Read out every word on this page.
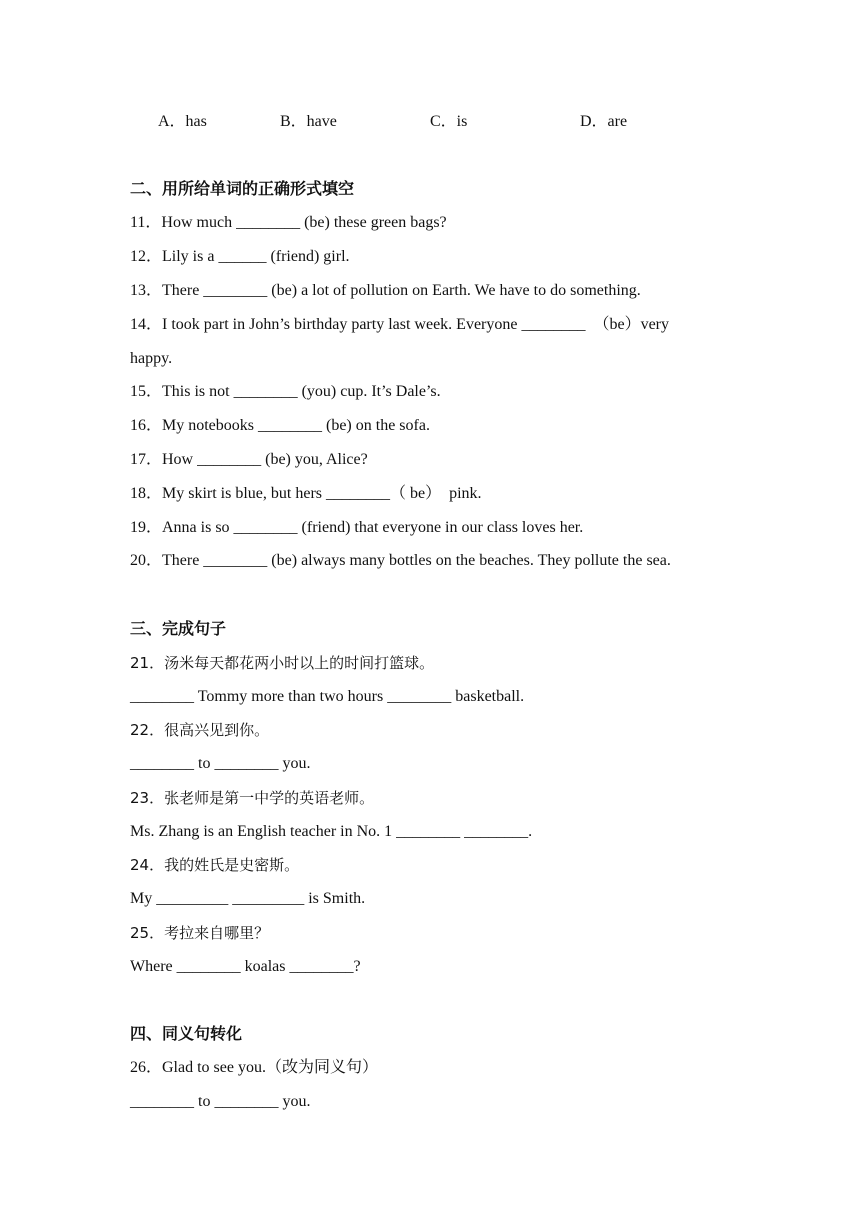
A．has	B．have	C．is	D．are
二、用所给单词的正确形式填空
11．How much ________ (be) these green bags?
12．Lily is a ______ (friend) girl.
13．There ________ (be) a lot of pollution on Earth. We have to do something.
14．I took part in John’s birthday party last week. Everyone ________  （be）very
happy.
15．This is not ________ (you) cup. It’s Dale’s.
16．My notebooks ________ (be) on the sofa.
17．How ________ (be) you, Alice?
18．My skirt is blue, but hers ________（ be）  pink.
19．Anna is so ________ (friend) that everyone in our class loves her.
20．There ________ (be) always many bottles on the beaches. They pollute the sea.
三、完成句子
21．汤米每天都花两小时以上的时间打篮球。
________ Tommy more than two hours ________ basketball.
22．很高兴见到你。
________ to ________ you.
23．张老师是第一中学的英语老师。
Ms. Zhang is an English teacher in No. 1 ________ ________.
24．我的姓氏是史密斯。
My _________ _________ is Smith.
25．考拉来自哪里？
Where ________ koalas ________?
四、同义句转化
26．Glad to see you.（改为同义句）
________ to ________ you.
